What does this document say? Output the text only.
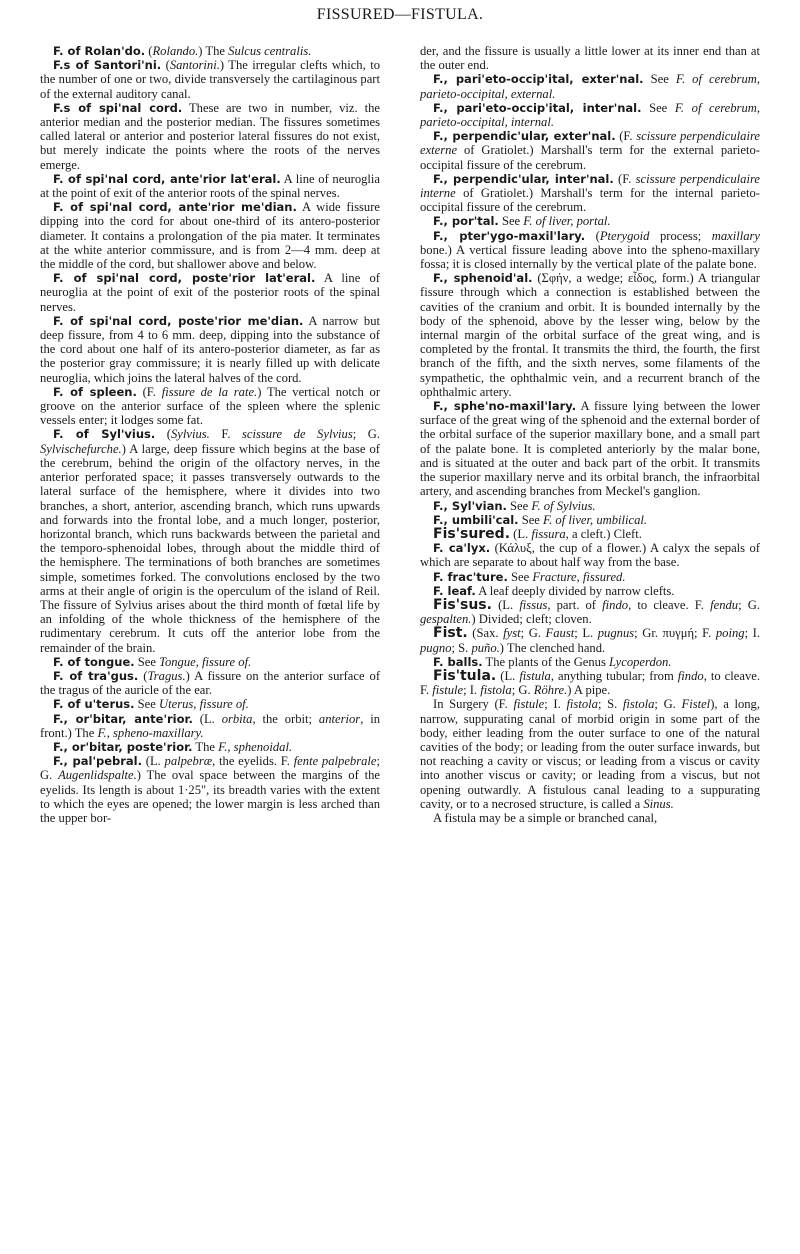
FISSURED—FISTULA.

F. of Rolan'do. (Rolando.) The Sulcus centralis.

F.s of Santori'ni. (Santorini.) The irregular clefts which, to the number of one or two, divide transversely the cartilaginous part of the external auditory canal.

F.s of spi'nal cord. These are two in number, viz. the anterior median and the posterior median. The fissures sometimes called lateral or anterior and posterior lateral fissures do not exist, but merely indicate the points where the roots of the nerves emerge.

F. of spi'nal cord, ante'rior lat'eral. A line of neuroglia at the point of exit of the anterior roots of the spinal nerves.

F. of spi'nal cord, ante'rior me'dian. A wide fissure dipping into the cord for about one-third of its antero-posterior diameter. It contains a prolongation of the pia mater. It terminates at the white anterior commissure, and is from 2—4 mm. deep at the middle of the cord, but shallower above and below.

F. of spi'nal cord, poste'rior lat'eral. A line of neuroglia at the point of exit of the posterior roots of the spinal nerves.

F. of spi'nal cord, poste'rior me'dian. A narrow but deep fissure, from 4 to 6 mm. deep, dipping into the substance of the cord about one half of its antero-posterior diameter, as far as the posterior gray commissure; it is nearly filled up with delicate neuroglia, which joins the lateral halves of the cord.

F. of spleen. (F. fissure de la rate.) The vertical notch or groove on the anterior surface of the spleen where the splenic vessels enter; it lodges some fat.

F. of Syl'vius. (Sylvius. F. scissure de Sylvius; G. Sylvischefurche.) A large, deep fissure which begins at the base of the cerebrum, behind the origin of the olfactory nerves, in the anterior perforated space; it passes transversely outwards to the lateral surface of the hemisphere, where it divides into two branches, a short, anterior, ascending branch, which runs upwards and forwards into the frontal lobe, and a much longer, posterior, horizontal branch, which runs backwards between the parietal and the temporo-sphenoidal lobes, through about the middle third of the hemisphere. The terminations of both branches are sometimes simple, sometimes forked. The convolutions enclosed by the two arms at their angle of origin is the operculum of the island of Reil. The fissure of Sylvius arises about the third month of fœtal life by an infolding of the whole thickness of the hemisphere of the rudimentary cerebrum. It cuts off the anterior lobe from the remainder of the brain.

F. of tongue. See Tongue, fissure of.

F. of tra'gus. (Tragus.) A fissure on the anterior surface of the tragus of the auricle of the ear.

F. of u'terus. See Uterus, fissure of.

F., or'bitar, ante'rior. (L. orbita, the orbit; anterior, in front.) The F., spheno-maxillary.

F., or'bitar, poste'rior. The F., sphenoidal.

F., pal'pebral. (L. palpebræ, the eyelids. F. fente palpebrale; G. Augenlidspalte.) The oval space between the margins of the eyelids. Its length is about 1·25", its breadth varies with the extent to which the eyes are opened; the lower margin is less arched than the upper bor-

der, and the fissure is usually a little lower at its inner end than at the outer end.

F., pari'eto-occip'ital, exter'nal. See F. of cerebrum, parieto-occipital, external.

F., pari'eto-occip'ital, inter'nal. See F. of cerebrum, parieto-occipital, internal.

F., perpendic'ular, exter'nal. (F. scissure perpendiculaire externe of Gratiolet.) Marshall's term for the external parieto-occipital fissure of the cerebrum.

F., perpendic'ular, inter'nal. (F. scissure perpendiculaire interne of Gratiolet.) Marshall's term for the internal parieto-occipital fissure of the cerebrum.

F., por'tal. See F. of liver, portal.

F., pter'ygo-maxil'lary. (Pterygoid process; maxillary bone.) A vertical fissure leading above into the spheno-maxillary fossa; it is closed internally by the vertical plate of the palate bone.

F., sphenoid'al. (Σφήν, a wedge; εἶδος, form.) A triangular fissure through which a connection is established between the cavities of the cranium and orbit. It is bounded internally by the body of the sphenoid, above by the lesser wing, below by the internal margin of the orbital surface of the great wing, and is completed by the frontal. It transmits the third, the fourth, the first branch of the fifth, and the sixth nerves, some filaments of the sympathetic, the ophthalmic vein, and a recurrent branch of the ophthalmic artery.

F., sphe'no-maxil'lary. A fissure lying between the lower surface of the great wing of the sphenoid and the external border of the orbital surface of the superior maxillary bone, and a small part of the palate bone. It is completed anteriorly by the malar bone, and is situated at the outer and back part of the orbit. It transmits the superior maxillary nerve and its orbital branch, the infraorbital artery, and ascending branches from Meckel's ganglion.

F., Syl'vian. See F. of Sylvius.

F., umbili'cal. See F. of liver, umbilical.

Fis'sured. (L. fissura, a cleft.) Cleft.

F. ca'lyx. (Κάλυξ, the cup of a flower.) A calyx the sepals of which are separate to about half way from the base.

F. frac'ture. See Fracture, fissured.

F. leaf. A leaf deeply divided by narrow clefts.

Fis'sus. (L. fissus, part. of findo, to cleave. F. fendu; G. gespalten.) Divided; cleft; cloven.

Fist. (Sax. fyst; G. Faust; L. pugnus; Gr. πυγμή; F. poing; I. pugno; S. puño.) The clenched hand.

F. balls. The plants of the Genus Lycoperdon.

Fis'tula. (L. fistula, anything tubular; from findo, to cleave. F. fistule; I. fistola; G. Röhre.) A pipe.

In Surgery (F. fistule; I. fistola; S. fistola; G. Fistel), a long, narrow, suppurating canal of morbid origin in some part of the body, either leading from the outer surface to one of the natural cavities of the body; or leading from the outer surface inwards, but not reaching a cavity or viscus; or leading from a viscus or cavity into another viscus or cavity; or leading from a viscus, but not opening outwardly. A fistulous canal leading to a suppurating cavity, or to a necrosed structure, is called a Sinus.

A fistula may be a simple or branched canal,
